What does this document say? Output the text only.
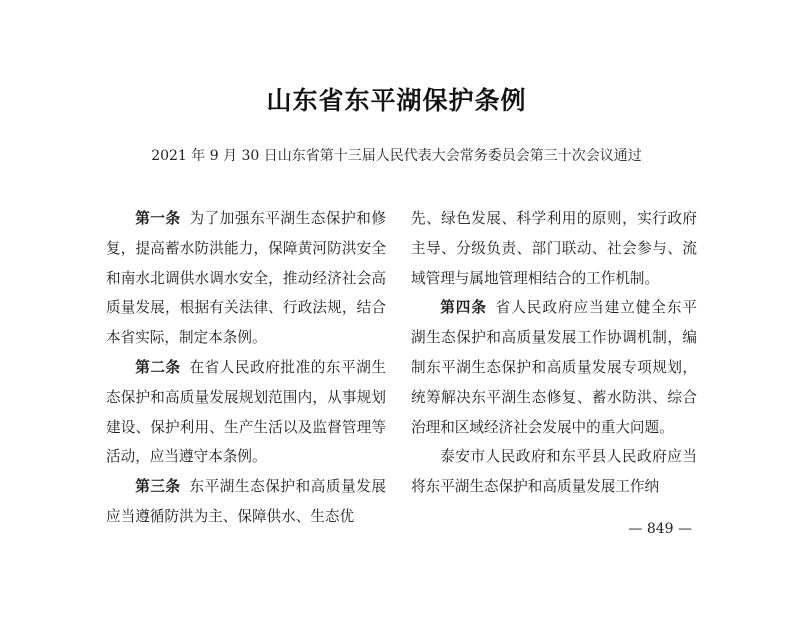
山东省东平湖保护条例
2021 年 9 月 30 日山东省第十三届人民代表大会常务委员会第三十次会议通过

第一条 为了加强东平湖生态保护和修复，提高蓄水防洪能力，保障黄河防洪安全和南水北调供水调水安全，推动经济社会高质量发展，根据有关法律、行政法规，结合本省实际，制定本条例。

第二条 在省人民政府批准的东平湖生态保护和高质量发展规划范围内，从事规划建设、保护利用、生产生活以及监督管理等活动，应当遵守本条例。

第三条 东平湖生态保护和高质量发展应当遵循防洪为主、保障供水、生态优

先、绿色发展、科学利用的原则，实行政府主导、分级负责、部门联动、社会参与、流域管理与属地管理相结合的工作机制。

第四条 省人民政府应当建立健全东平湖生态保护和高质量发展工作协调机制，编制东平湖生态保护和高质量发展专项规划，统筹解决东平湖生态修复、蓄水防洪、综合治理和区域经济社会发展中的重大问题。

泰安市人民政府和东平县人民政府应当将东平湖生态保护和高质量发展工作纳

— 849 —
